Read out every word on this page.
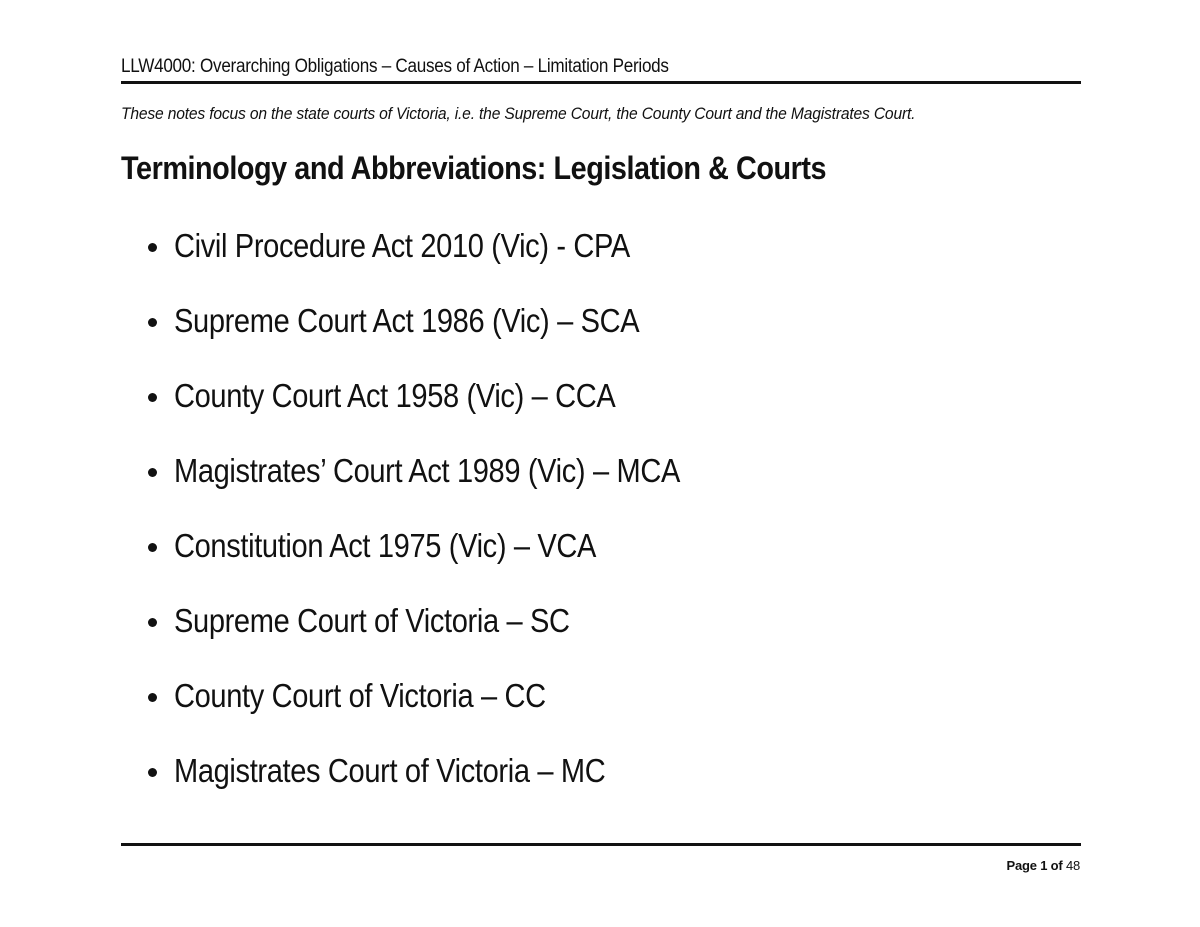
LLW4000: Overarching Obligations – Causes of Action – Limitation Periods
These notes focus on the state courts of Victoria, i.e. the Supreme Court, the County Court and the Magistrates Court.
Terminology and Abbreviations: Legislation & Courts
Civil Procedure Act 2010 (Vic) - CPA
Supreme Court Act 1986 (Vic) – SCA
County Court Act 1958 (Vic) – CCA
Magistrates’ Court Act 1989 (Vic) – MCA
Constitution Act 1975 (Vic) – VCA
Supreme Court of Victoria – SC
County Court of Victoria – CC
Magistrates Court of Victoria – MC
Page 1 of 48
